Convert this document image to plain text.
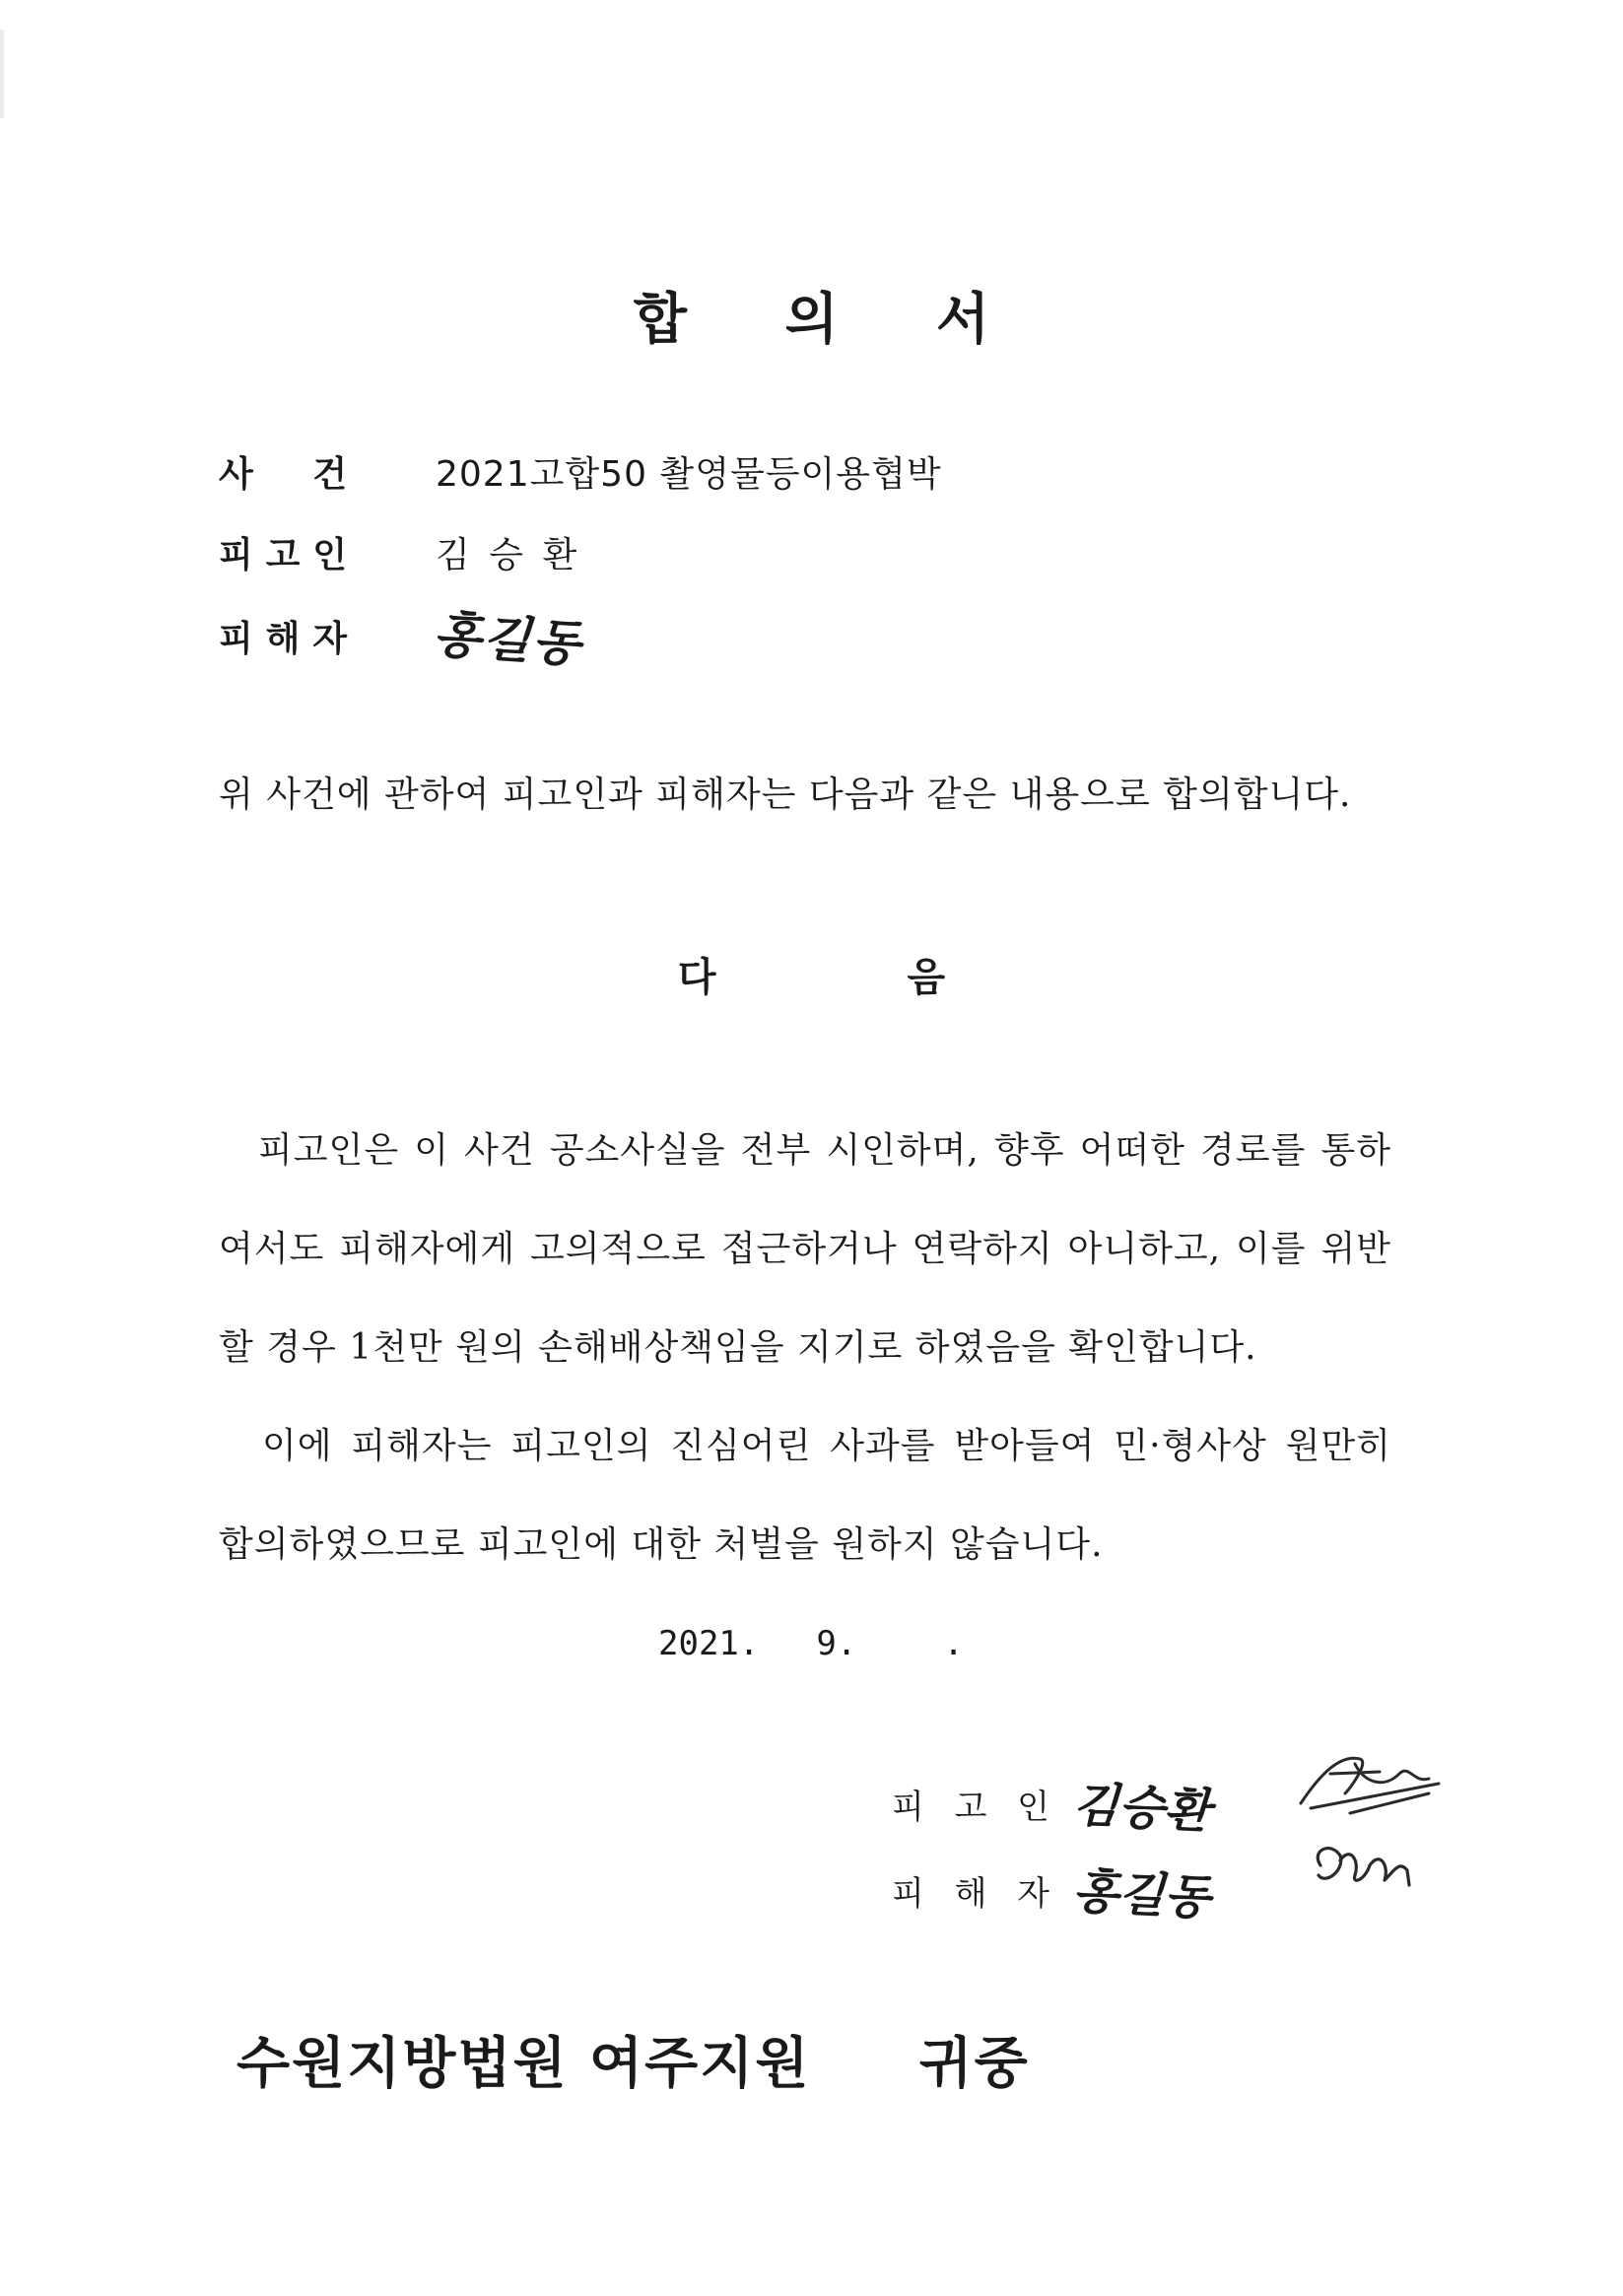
합 의 서
사 건	2021고합50 촬영물등이용협박
피 고 인	김 승 환
피 해 자 홍길동
위 사건에 관하여 피고인과 피해자는 다음과 같은 내용으로 합의합니다.
다 음

피고인은 이 사건 공소사실을 전부 시인하며, 향후 어떠한 경로를 통하여서도 피해자에게 고의적으로 접근하거나 연락하지 아니하고, 이를 위반할 경우 1천만 원의 손해배상책임을 지기로 하였음을 확인합니다.

이에 피해자는 피고인의 진심어린 사과를 받아들여 민·형사상 원만히 합의하였으므로 피고인에 대한 처벌을 원하지 않습니다.

2021. 9.	.
피 고 인 김승환
피 해 자 홍길동
수원지방법원 여주지원 귀중
